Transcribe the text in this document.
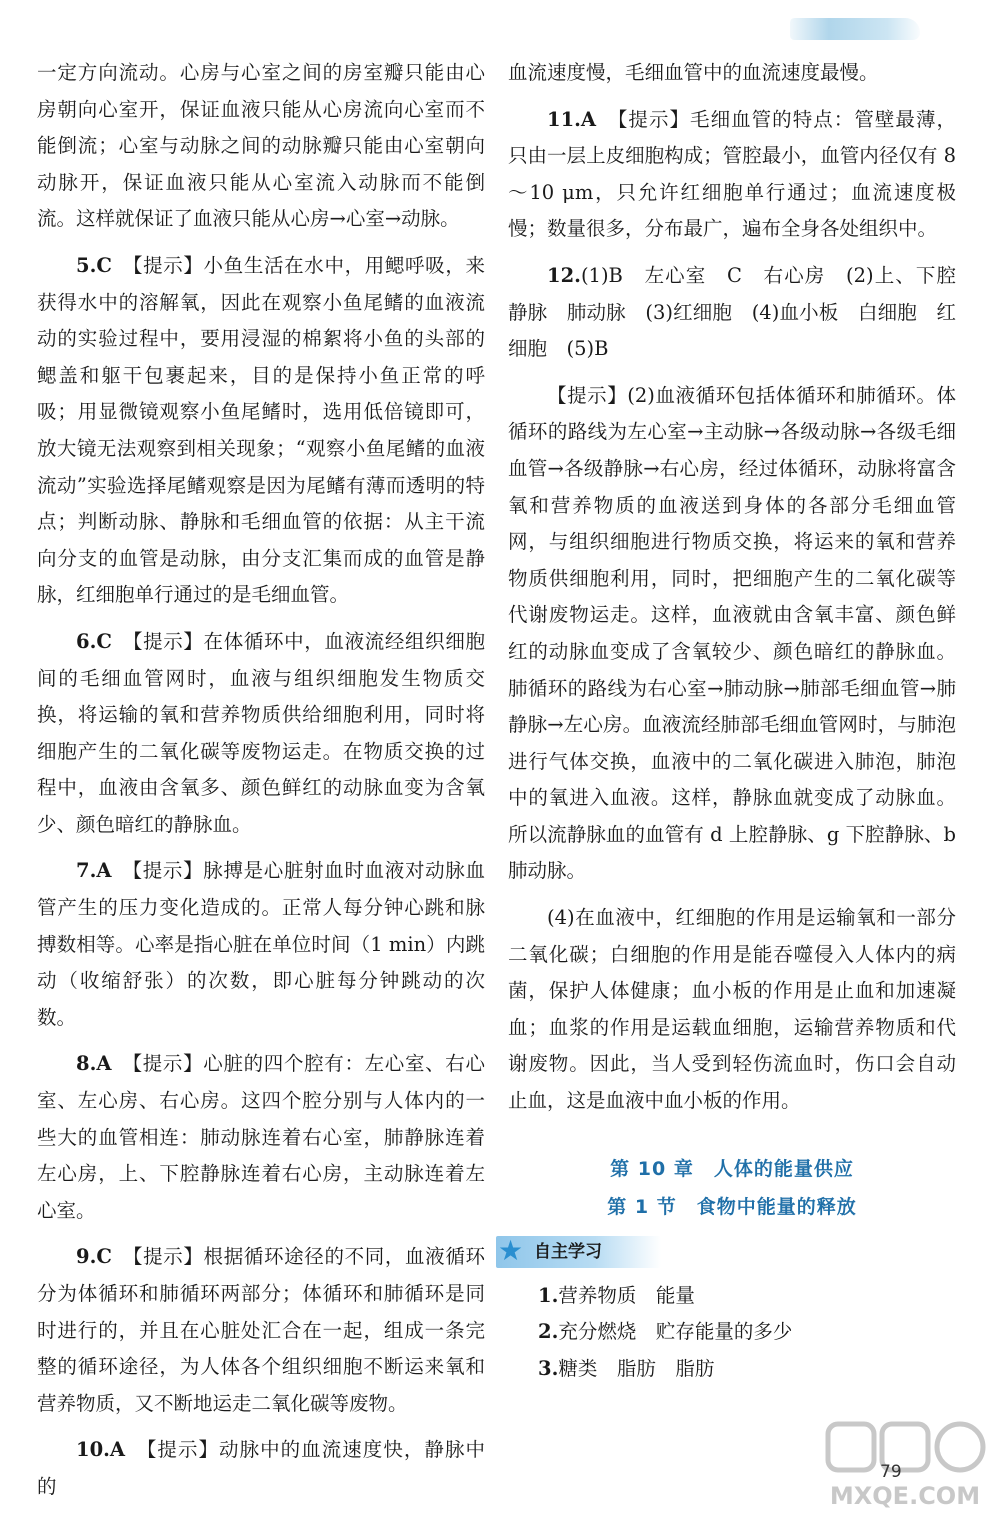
一定方向流动。心房与心室之间的房室瓣只能由心房朝向心室开，保证血液只能从心房流向心室而不能倒流；心室与动脉之间的动脉瓣只能由心室朝向动脉开，保证血液只能从心室流入动脉而不能倒流。这样就保证了血液只能从心房→心室→动脉。

5.C　 【提示】小鱼生活在水中，用鳃呼吸，来获得水中的溶解氧，因此在观察小鱼尾鳍的血液流动的实验过程中，要用浸湿的棉絮将小鱼的头部的鳃盖和躯干包裹起来，目的是保持小鱼正常的呼吸；用显微镜观察小鱼尾鳍时，选用低倍镜即可，放大镜无法观察到相关现象；“观察小鱼尾鳍的血液流动”实验选择尾鳍观察是因为尾鳍有薄而透明的特点；判断动脉、静脉和毛细血管的依据：从主干流向分支的血管是动脉，由分支汇集而成的血管是静脉，红细胞单行通过的是毛细血管。

6.C　 【提示】在体循环中，血液流经组织细胞间的毛细血管网时，血液与组织细胞发生物质交换，将运输的氧和营养物质供给细胞利用，同时将细胞产生的二氧化碳等废物运走。在物质交换的过程中，血液由含氧多、颜色鲜红的动脉血变为含氧少、颜色暗红的静脉血。

7.A　 【提示】脉搏是心脏射血时血液对动脉血管产生的压力变化造成的。正常人每分钟心跳和脉搏数相等。心率是指心脏在单位时间（1 min）内跳动（收缩舒张）的次数，即心脏每分钟跳动的次数。

8.A　 【提示】心脏的四个腔有：左心室、右心室、左心房、右心房。这四个腔分别与人体内的一些大的血管相连：肺动脉连着右心室，肺静脉连着左心房，上、下腔静脉连着右心房，主动脉连着左心室。

9.C　 【提示】根据循环途径的不同，血液循环分为体循环和肺循环两部分；体循环和肺循环是同时进行的，并且在心脏处汇合在一起，组成一条完整的循环途径，为人体各个组织细胞不断运来氧和营养物质，又不断地运走二氧化碳等废物。

10.A　 【提示】动脉中的血流速度快，静脉中的

血流速度慢，毛细血管中的血流速度最慢。

11.A　 【提示】毛细血管的特点：管壁最薄，只由一层上皮细胞构成；管腔最小，血管内径仅有 8～10 μm，只允许红细胞单行通过；血流速度极慢；数量很多，分布最广，遍布全身各处组织中。

12.(1)B　左心室　C　右心房　(2)上、下腔静脉　肺动脉　(3)红细胞　(4)血小板　白细胞　红细胞　(5)B

【提示】(2)血液循环包括体循环和肺循环。体循环的路线为左心室→主动脉→各级动脉→各级毛细血管→各级静脉→右心房，经过体循环，动脉将富含氧和营养物质的血液送到身体的各部分毛细血管网，与组织细胞进行物质交换，将运来的氧和营养物质供细胞利用，同时，把细胞产生的二氧化碳等代谢废物运走。这样，血液就由含氧丰富、颜色鲜红的动脉血变成了含氧较少、颜色暗红的静脉血。肺循环的路线为右心室→肺动脉→肺部毛细血管→肺静脉→左心房。血液流经肺部毛细血管网时，与肺泡进行气体交换，血液中的二氧化碳进入肺泡，肺泡中的氧进入血液。这样，静脉血就变成了动脉血。所以流静脉血的血管有 d 上腔静脉、g 下腔静脉、b 肺动脉。

(4)在血液中，红细胞的作用是运输氧和一部分二氧化碳；白细胞的作用是能吞噬侵入人体内的病菌，保护人体健康；血小板的作用是止血和加速凝血；血浆的作用是运载血细胞，运输营养物质和代谢废物。因此，当人受到轻伤流血时，伤口会自动止血，这是血液中血小板的作用。

第 10 章　人体的能量供应
第 1 节　食物中能量的释放
★ 自主学习
1.营养物质　能量
2.充分燃烧　贮存能量的多少
3.糖类　脂肪　脂肪
MXQE.COM
79
